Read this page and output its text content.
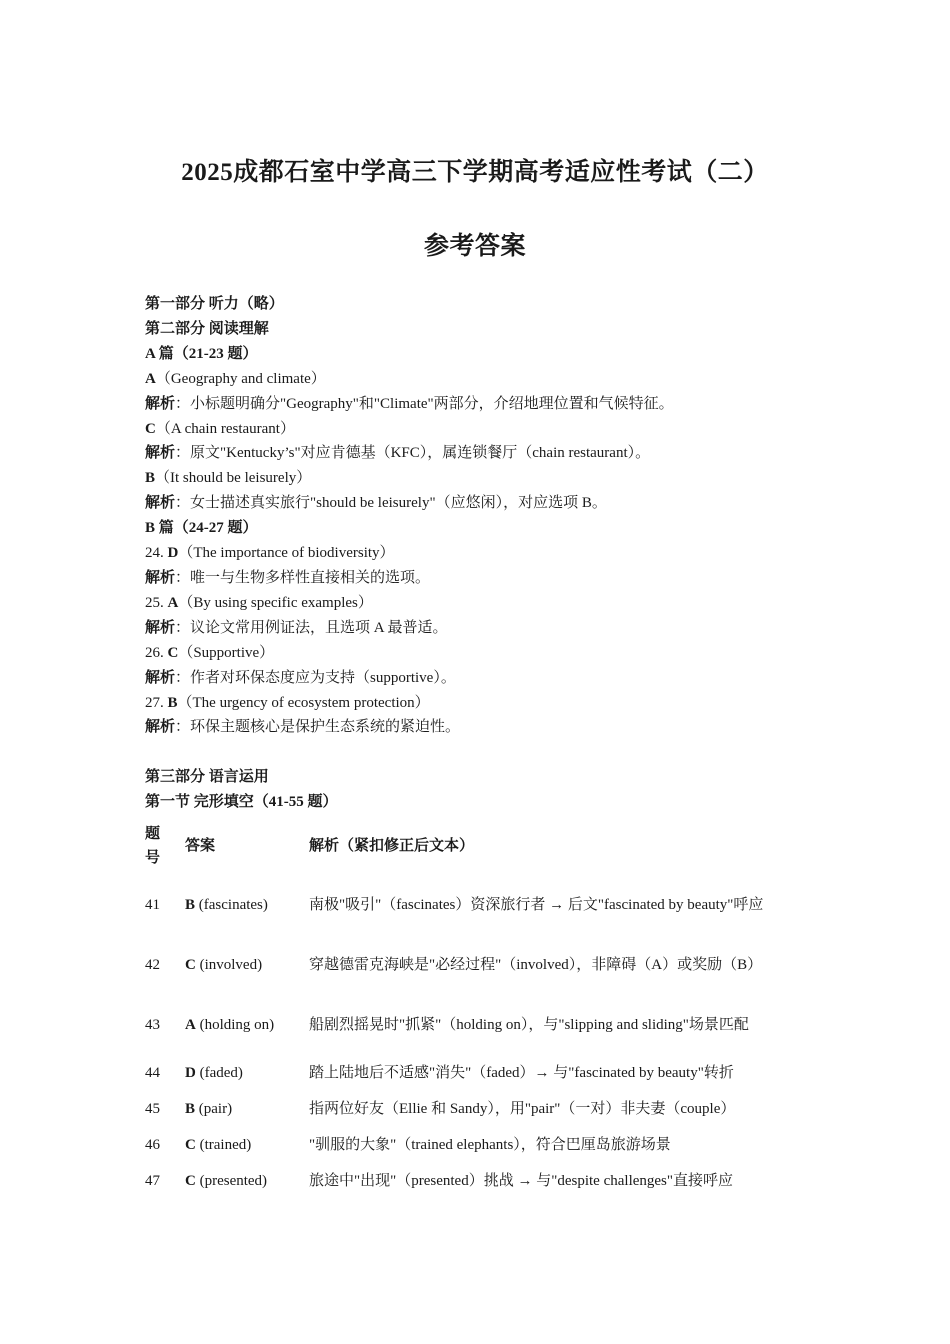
2025成都石室中学高三下学期高考适应性考试（二）
参考答案
第一部分 听力（略）
第二部分 阅读理解
A 篇（21-23 题）
A（Geography and climate）
解析：小标题明确分"Geography"和"Climate"两部分，介绍地理位置和气候特征。
C（A chain restaurant）
解析：原文"Kentucky’s"对应肯德基（KFC），属连锁餐厅（chain restaurant）。
B（It should be leisurely）
解析：女士描述真实旅行"should be leisurely"（应悠闲），对应选项 B。
B 篇（24-27 题）
24. D（The importance of biodiversity）
解析：唯一与生物多样性直接相关的选项。
25. A（By using specific examples）
解析：议论文常用例证法，且选项 A 最普适。
26. C（Supportive）
解析：作者对环保态度应为支持（supportive）。
27. B（The urgency of ecosystem protection）
解析：环保主题核心是保护生态系统的紧迫性。
第三部分 语言运用
第一节 完形填空（41-55 题）
题号	答案	解析（紧扣修正后文本）
41	B (fascinates)	南极"吸引"（fascinates）资深旅行者 → 后文"fascinated by beauty"呼应
42	C (involved)	穿越德雷克海峡是"必经过程"（involved），非障碍（A）或奖励（B）
43	A (holding on)	船剧烈摇晃时"抓紧"（holding on），与"slipping and sliding"场景匹配
44	D (faded)	踏上陆地后不适感"消失"（faded）→ 与"fascinated by beauty"转折
45	B (pair)	指两位好友（Ellie 和 Sandy），用"pair"（一对）非夫妻（couple）
46	C (trained)	"驯服的大象"（trained elephants），符合巴厘岛旅游场景
47	C (presented)	旅途中"出现"（presented）挑战 → 与"despite challenges"直接呼应
